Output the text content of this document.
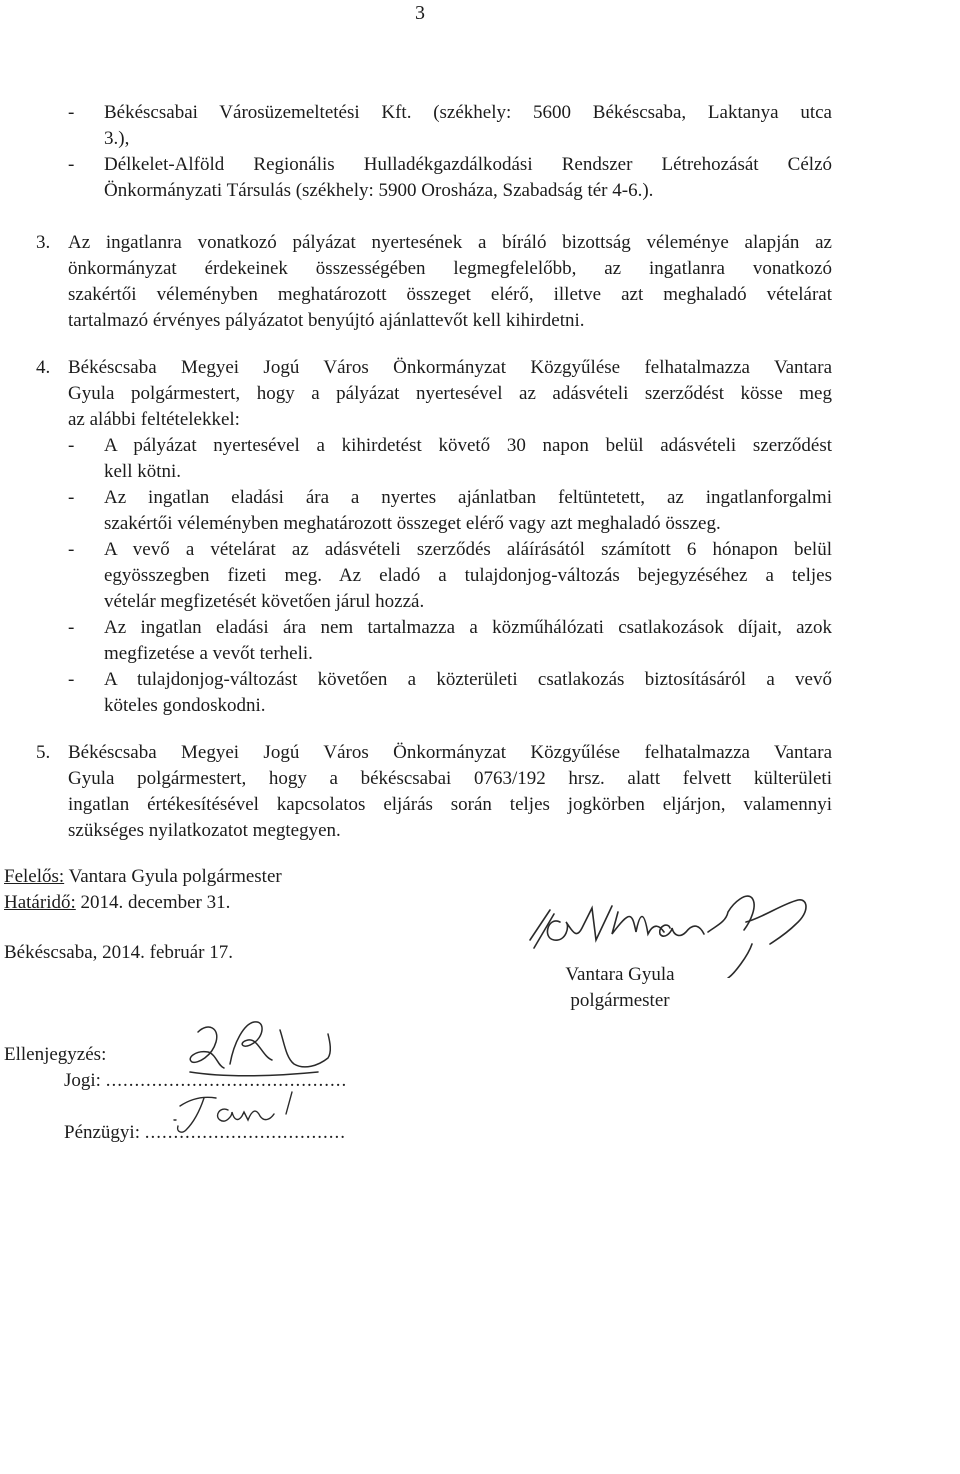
3
-	Békéscsabai Városüzemeltetési Kft. (székhely: 5600 Békéscsaba, Laktanya utca
3.),
-	Délkelet-Alföld Regionális Hulladékgazdálkodási Rendszer Létrehozását Célzó
Önkormányzati Társulás (székhely: 5900 Orosháza, Szabadság tér 4-6.).
3. Az ingatlanra vonatkozó pályázat nyertesének a bíráló bizottság véleménye alapján az
önkormányzat érdekeinek összességében legmegfelelőbb, az ingatlanra vonatkozó
szakértői véleményben meghatározott összeget elérő, illetve azt meghaladó vételárat
tartalmazó érvényes pályázatot benyújtó ajánlattevőt kell kihirdetni.
4. Békéscsaba Megyei Jogú Város Önkormányzat Közgyűlése felhatalmazza Vantara
Gyula polgármestert, hogy a pályázat nyertesével az adásvételi szerződést kösse meg
az alábbi feltételekkel:
-	A pályázat nyertesével a kihirdetést követő 30 napon belül adásvételi szerződést
kell kötni.
-	Az ingatlan eladási ára a nyertes ajánlatban feltüntetett, az ingatlanforgalmi
szakértői véleményben meghatározott összeget elérő vagy azt meghaladó összeg.
-	A vevő a vételárat az adásvételi szerződés aláírásától számított 6 hónapon belül
egyösszegben fizeti meg. Az eladó a tulajdonjog-változás bejegyzéséhez a teljes
vételár megfizetését követően járul hozzá.
-	Az ingatlan eladási ára nem tartalmazza a közműhálózati csatlakozások díjait, azok
megfizetése a vevőt terheli.
-	A tulajdonjog-változást követően a közterületi csatlakozás biztosításáról a vevő
köteles gondoskodni.
5. Békéscsaba Megyei Jogú Város Önkormányzat Közgyűlése felhatalmazza Vantara
Gyula polgármestert, hogy a békéscsabai 0763/192 hrsz. alatt felvett külterületi
ingatlan értékesítésével kapcsolatos eljárás során teljes jogkörben eljárjon, valamennyi
szükséges nyilatkozatot megtegyen.
Felelős: Vantara Gyula polgármester
Határidő: 2014. december 31.
Békéscsaba, 2014. február 17.
Vantara Gyula
polgármester
Ellenjegyzés:
Jogi: ..........................................
Pénzügyi: ...................................
